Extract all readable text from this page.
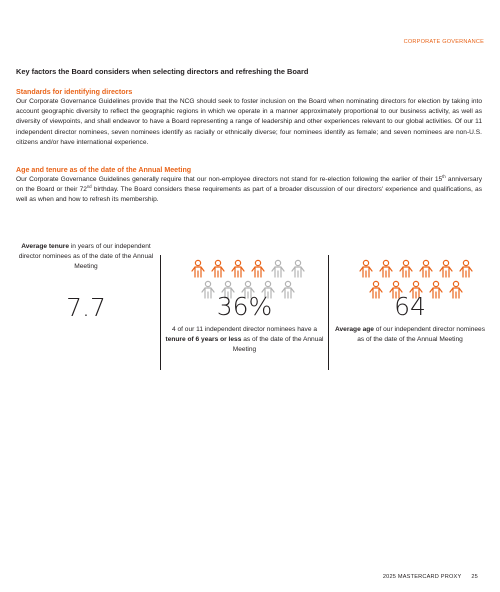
CORPORATE GOVERNANCE
Key factors the Board considers when selecting directors and refreshing the Board
Standards for identifying directors
Our Corporate Governance Guidelines provide that the NCG should seek to foster inclusion on the Board when nominating directors for election by taking into account geographic diversity to reflect the geographic regions in which we operate in a manner approximately proportional to our business activity, as well as diversity of viewpoints, and shall endeavor to have a Board representing a range of leadership and other experiences relevant to our global activities. Of our 11 independent director nominees, seven nominees identify as racially or ethnically diverse; four nominees identify as female; and seven nominees are non-U.S. citizens and/or have international experience.
Age and tenure as of the date of the Annual Meeting
Our Corporate Governance Guidelines generally require that our non-employee directors not stand for re-election following the earlier of their 15th anniversary on the Board or their 72nd birthday. The Board considers these requirements as part of a broader discussion of our directors' experience and qualifications, as well as when and how to refresh its membership.
Average tenure in years of our independent director nominees as of the date of the Annual Meeting
7.7	36%
4 of our 11 independent director nominees have a tenure of 6 years or less as of the date of the Annual Meeting
64
Average age of our independent director nominees as of the date of the Annual Meeting
2025 MASTERCARD PROXY 25
